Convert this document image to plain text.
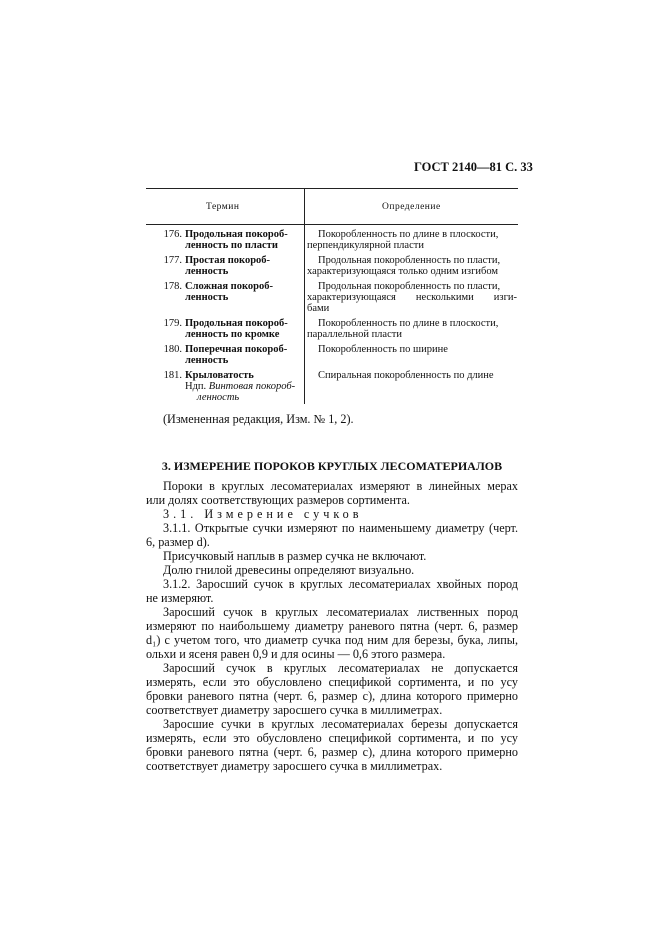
ГОСТ 2140—81 С. 33
Термин	Определение
176. Продольная покороб-
ленность по пласти
Покоробленность по длине в плоскости,
перпендикулярной пласти
177. Простая покороб-
ленность
Продольная покоробленность по пласти,
характеризующаяся только одним изгибом
178. Сложная покороб-
ленность
Продольная покоробленность по пласти,
характеризующаяся несколькими изги-
бами
179. Продольная покороб-
ленность по кромке
Покоробленность по длине в плоскости,
параллельной пласти
180. Поперечная покороб-
ленность
Покоробленность по ширине
181. Крыловатость
Ндп. Винтовая покороб-
ленность
Спиральная покоробленность по длине
(Измененная редакция, Изм. № 1, 2).
3. ИЗМЕРЕНИЕ ПОРОКОВ КРУГЛЫХ ЛЕСОМАТЕРИАЛОВ
Пороки в круглых лесоматериалах измеряют в линейных мерах
или долях соответствующих размеров сортимента.
3.1. Измерение сучков
3.1.1. Открытые сучки измеряют по наименьшему диаметру (черт.
6, размер d).
Присучковый наплыв в размер сучка не включают.
Долю гнилой древесины определяют визуально.
3.1.2. Заросший сучок в круглых лесоматериалах хвойных пород
не измеряют.
Заросший сучок в круглых лесоматериалах лиственных пород
измеряют по наибольшему диаметру раневого пятна (черт. 6, размер
d₁) с учетом того, что диаметр сучка под ним для березы, бука, липы,
ольхи и ясеня равен 0,9 и для осины — 0,6 этого размера.
Заросший сучок в круглых лесоматериалах не допускается
измерять, если это обусловлено спецификой сортимента, и по усу
бровки раневого пятна (черт. 6, размер c), длина которого примерно
соответствует диаметру заросшего сучка в миллиметрах.
Заросшие сучки в круглых лесоматериалах березы допускается
измерять, если это обусловлено спецификой сортимента, и по усу
бровки раневого пятна (черт. 6, размер c), длина которого примерно
соответствует диаметру заросшего сучка в миллиметрах.
